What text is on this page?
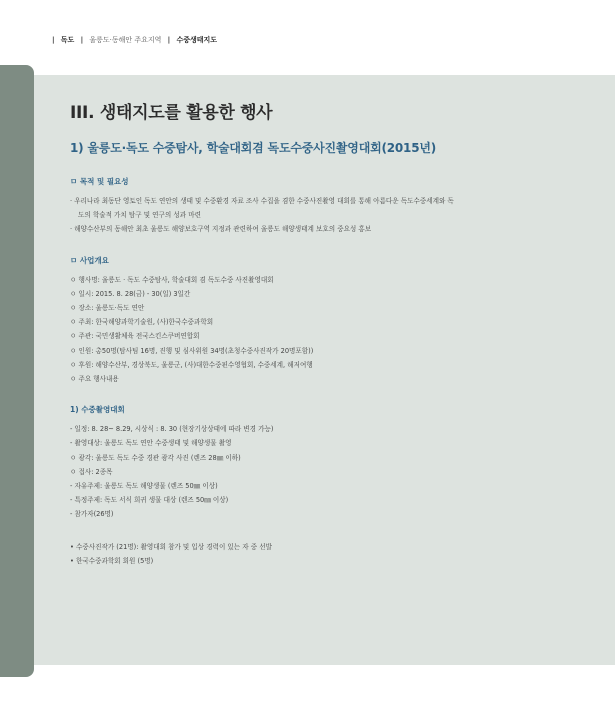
| 독도 | 울릉도·동해안 주요지역 | 수중생태지도
III. 생태지도를 활용한 행사
1) 울릉도·독도 수중탐사, 학술대회겸 독도수중사진촬영대회(2015년)
ㅁ 목적 및 필요성
· 우리나라 최동단 영토인 독도 연안의 생태 및 수중환경 자료 조사 수집을 겸한 수중사진촬영 대회를 통해 아름다운 독도수중세계와 독
도의 학술적 가치 탐구 및 연구의 성과 마련
· 해양수산부의 동해안 최초 울릉도 해양보호구역 지정과 관련하여 울릉도 해양생태계 보호의 중요성 홍보
ㅁ 사업개요
ㅇ 행사명: 울릉도 · 독도 수중탐사, 학술대회 겸 독도수중 사진촬영대회
ㅇ 일시: 2015. 8. 28(금) - 30(일) 3일간
ㅇ 장소: 울릉도·독도 연안
ㅇ 주최: 한국해양과학기술원, (사)한국수중과학회
ㅇ 주관: 국민생활체육 전국스킨스쿠버연합회
ㅇ 인원: 총50명(탐사팀 16명, 진행 및 심사위원 34명(초청수중사진작가 20명포함))
ㅇ 후원: 해양수산부, 경상북도, 울릉군, (사)대한수중핀수영협회, 수중세계, 해저여행
ㅇ 주요 행사내용
1) 수중촬영대회
- 일정: 8. 28~ 8.29, 시상식 : 8. 30 (현장기상상태에 따라 변경 가능)
- 촬영대상: 울릉도 독도 연안 수중생태 및 해양생물 촬영
ㅇ 광각: 울릉도 독도 수중 경관 광각 사진 (렌즈 28㎜ 이하)
ㅇ 접사: 2종목
- 자유주제: 울릉도 독도 해양생물 (렌즈 50㎜ 이상)
- 특정주제: 독도 서식 희귀 생물 대상 (렌즈 50㎜ 이상)
- 참가자(26명)
• 수중사진작가 (21명): 촬영대회 참가 및 입상 경력이 있는 자 중 선발
• 한국수중과학회 회원 (5명)
